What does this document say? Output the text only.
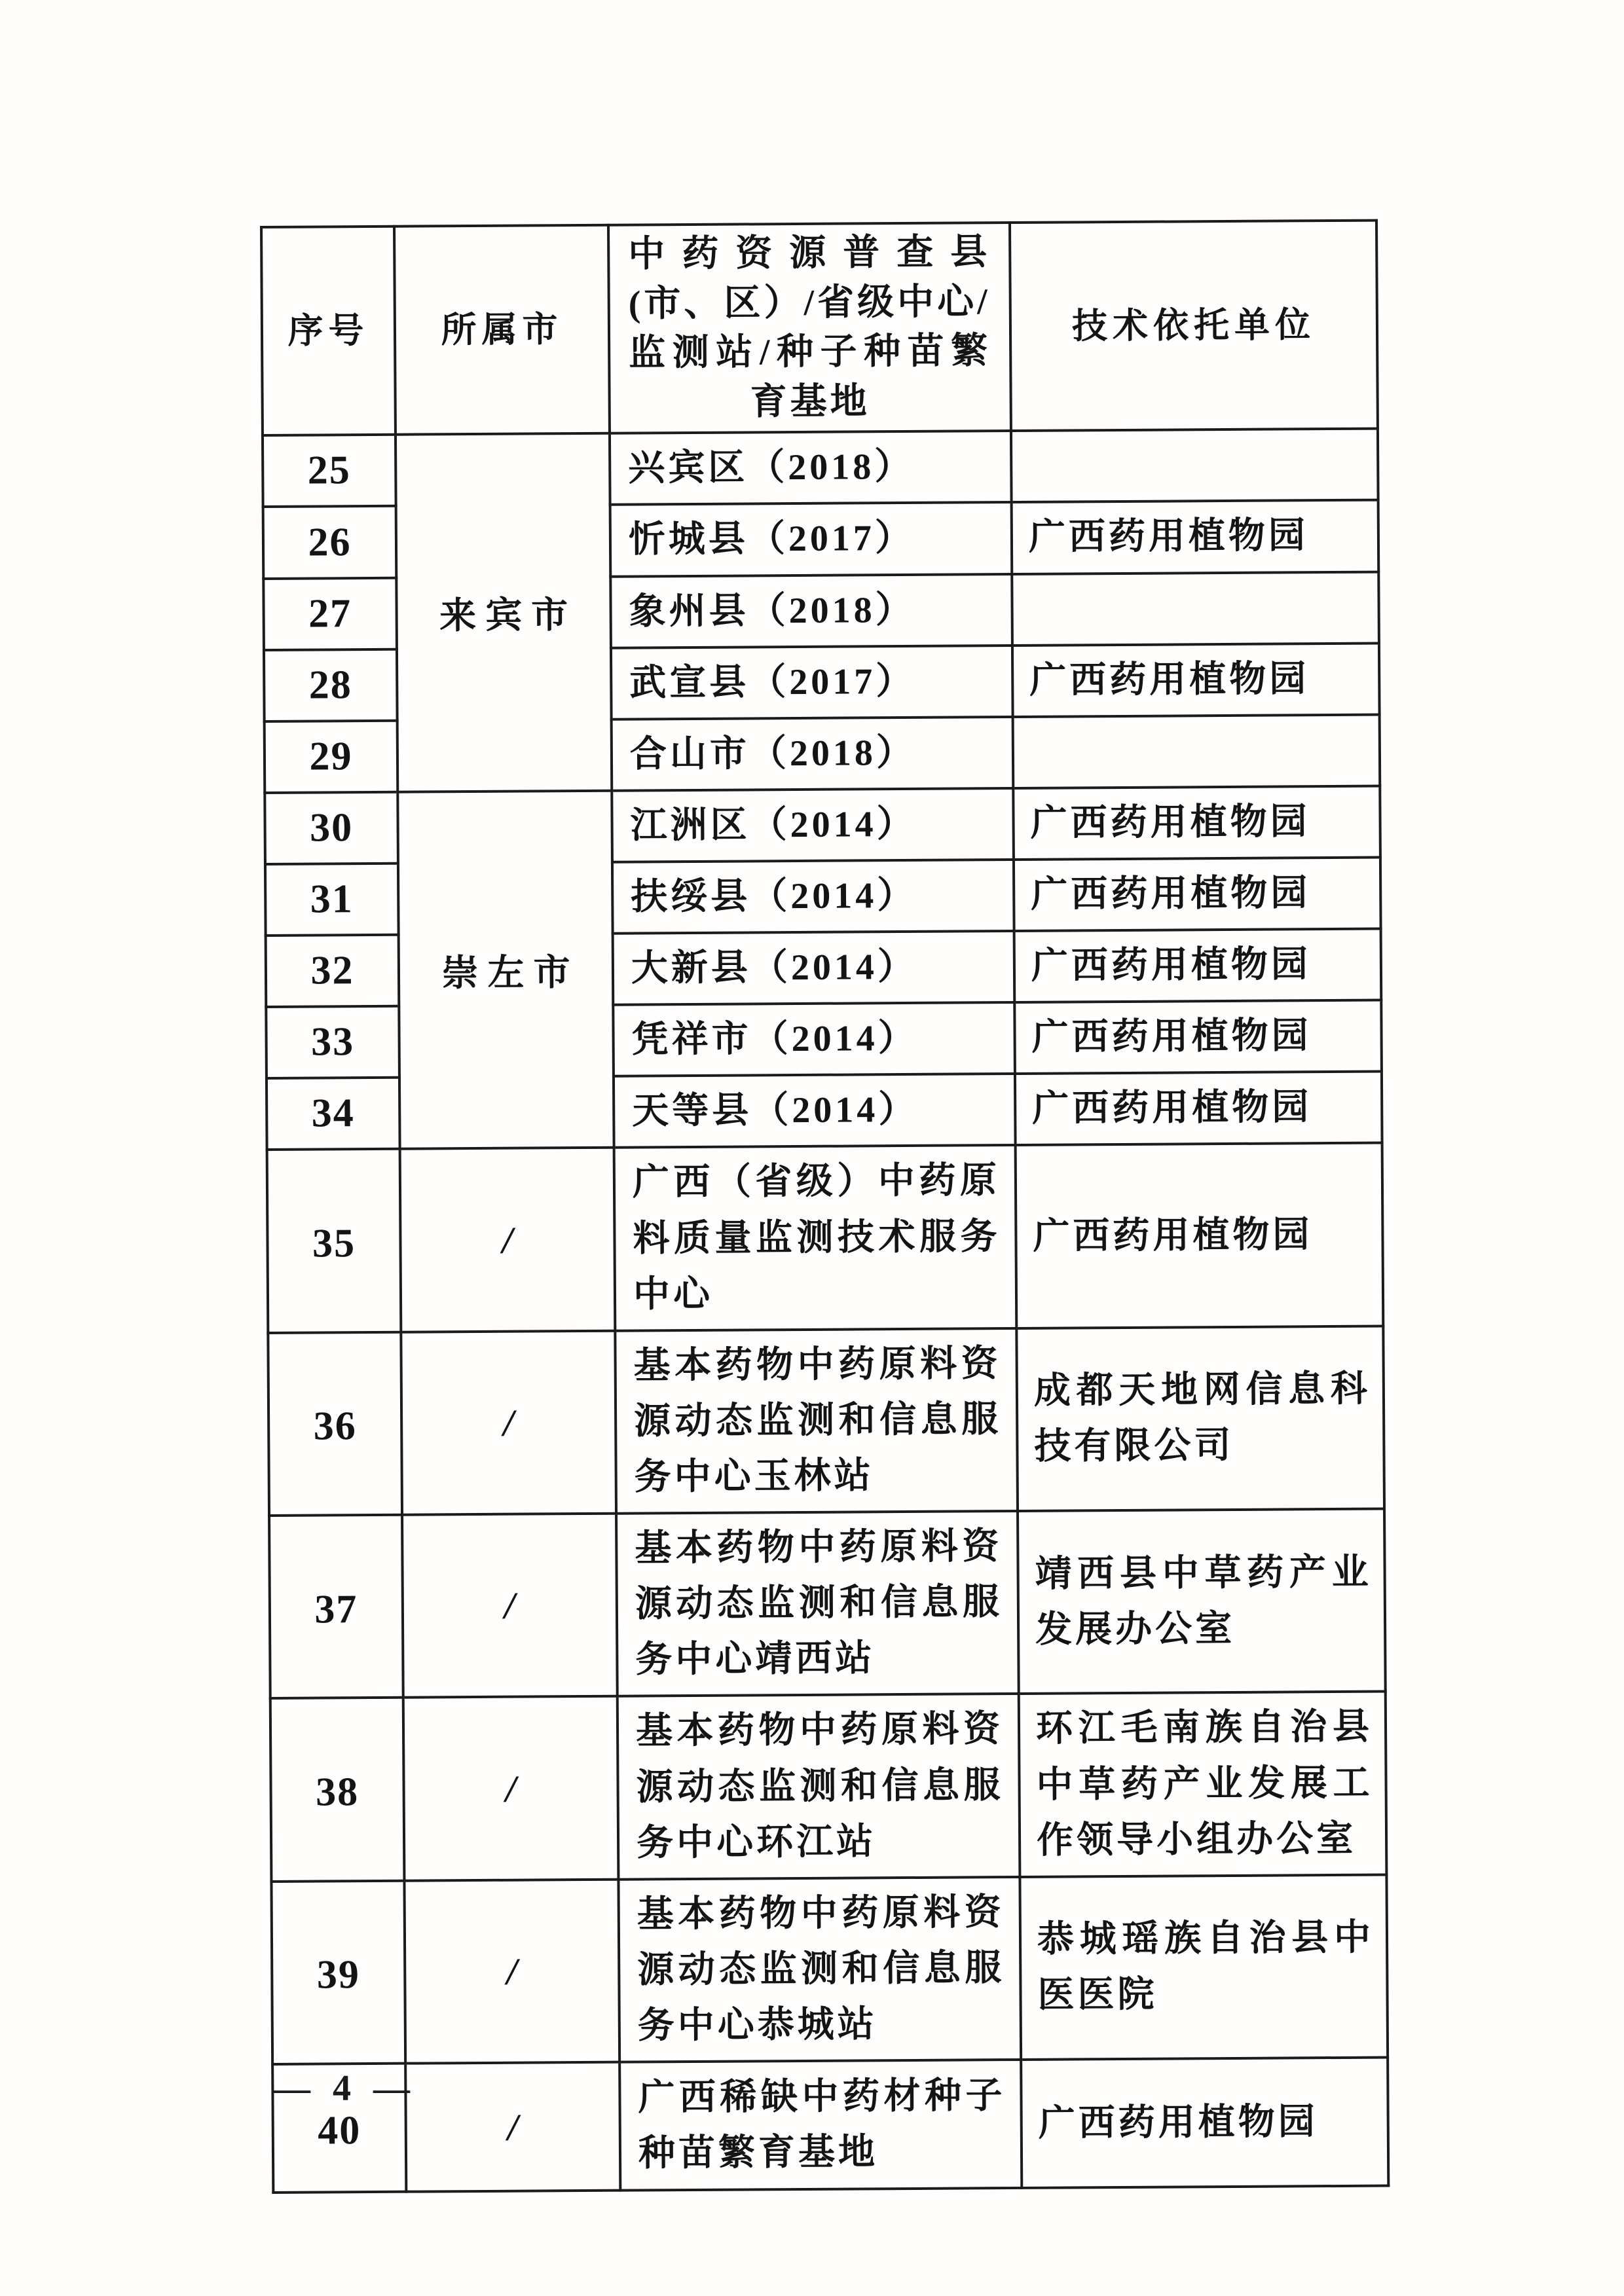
序号	所属市	中药资源普查县(市、区）/省级中心/监测站/种子种苗繁育基地	技术依托单位
25	来宾市	兴宾区（2018）	
26		忻城县（2017）	广西药用植物园
27		象州县（2018）	
28		武宣县（2017）	广西药用植物园
29		合山市（2018）	
30	崇左市	江洲区（2014）	广西药用植物园
31		扶绥县（2014）	广西药用植物园
32		大新县（2014）	广西药用植物园
33		凭祥市（2014）	广西药用植物园
34		天等县（2014）	广西药用植物园
35	/	广西（省级）中药原料质量监测技术服务中心	广西药用植物园
36	/	基本药物中药原料资源动态监测和信息服务中心玉林站	成都天地网信息科技有限公司
37	/	基本药物中药原料资源动态监测和信息服务中心靖西站	靖西县中草药产业发展办公室
38	/	基本药物中药原料资源动态监测和信息服务中心环江站	环江毛南族自治县中草药产业发展工作领导小组办公室
39	/	基本药物中药原料资源动态监测和信息服务中心恭城站	恭城瑶族自治县中医医院
40	/	广西稀缺中药材种子种苗繁育基地	广西药用植物园
— 4 —
